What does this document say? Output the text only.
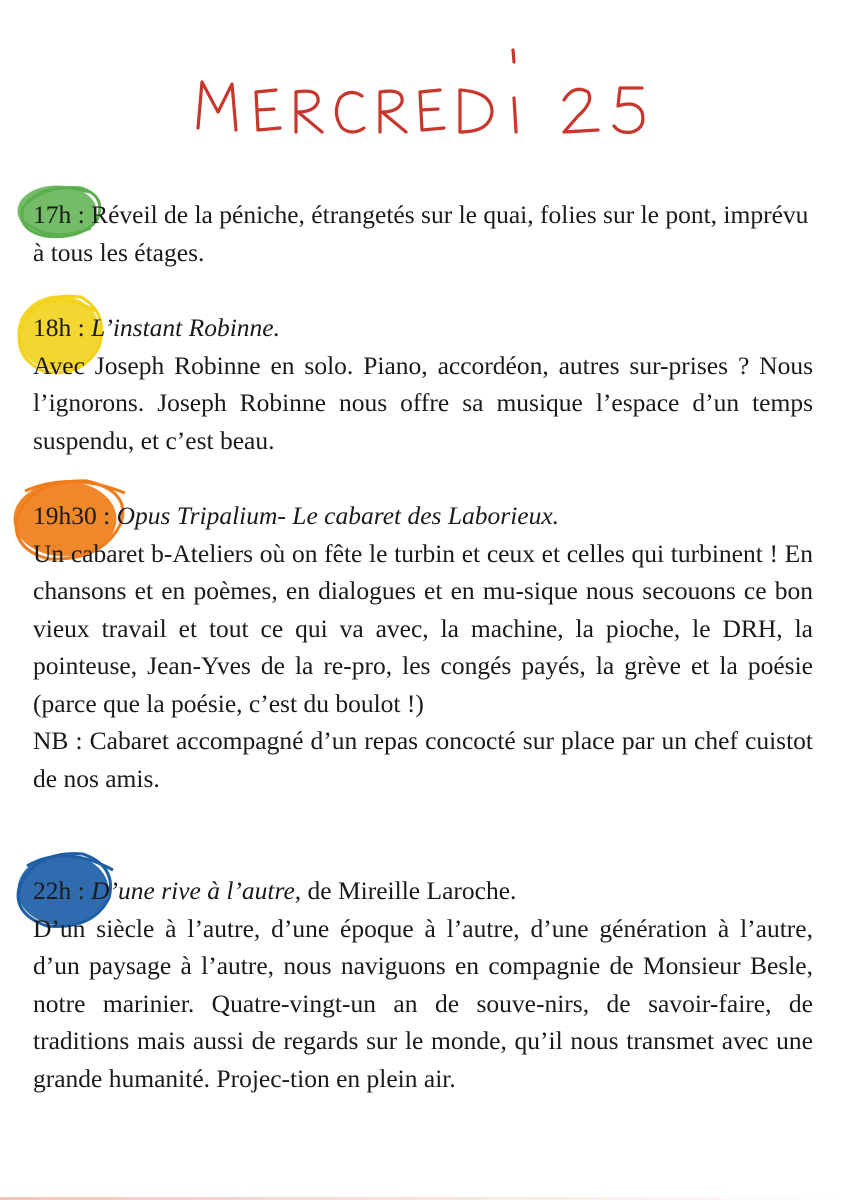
17h : Réveil de la péniche, étrangetés sur le quai, folies sur le pont, imprévu à tous les étages.

18h : L’instant Robinne.

Avec Joseph Robinne en solo. Piano, accordéon, autres sur-prises ? Nous l’ignorons. Joseph Robinne nous offre sa musique l’espace d’un temps suspendu, et c’est beau.

19h30 : Opus Tripalium- Le cabaret des Laborieux.

Un cabaret b-Ateliers où on fête le turbin et ceux et celles qui turbinent ! En chansons et en poèmes, en dialogues et en mu-sique nous secouons ce bon vieux travail et tout ce qui va avec, la machine, la pioche, le DRH, la pointeuse, Jean-Yves de la re-pro, les congés payés, la grève et la poésie (parce que la poésie, c’est du boulot !)

NB : Cabaret accompagné d’un repas concocté sur place par un chef cuistot de nos amis.

22h : D’une rive à l’autre, de Mireille Laroche.

D’un siècle à l’autre, d’une époque à l’autre, d’une génération à l’autre, d’un paysage à l’autre, nous naviguons en compagnie de Monsieur Besle, notre marinier. Quatre-vingt-un an de souve-nirs, de savoir-faire, de traditions mais aussi de regards sur le monde, qu’il nous transmet avec une grande humanité. Projec-tion en plein air.
